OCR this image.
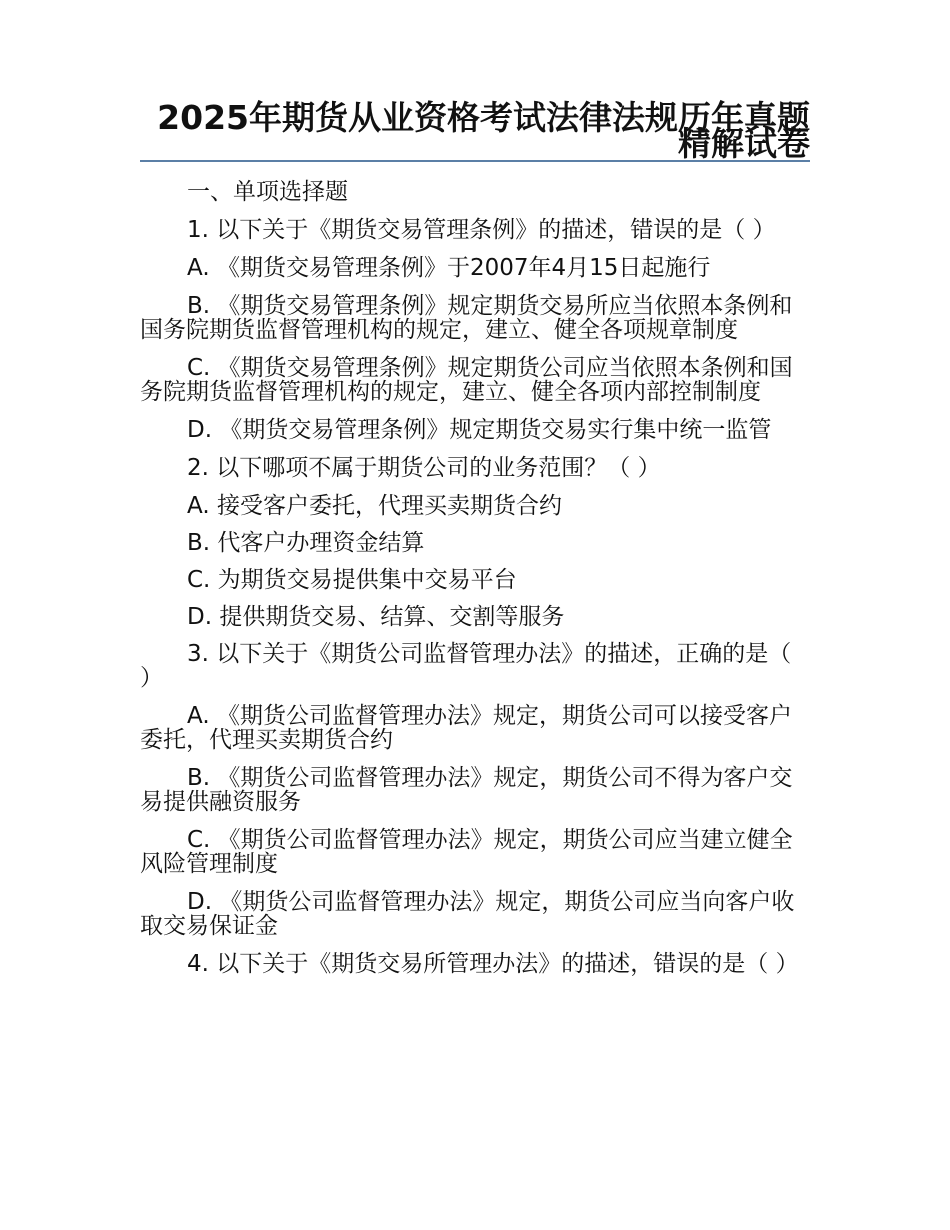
2025年期货从业资格考试法律法规历年真题精解试卷

一、单项选择题

1. 以下关于《期货交易管理条例》的描述，错误的是（ ）

A. 《期货交易管理条例》于2007年4月15日起施行

B. 《期货交易管理条例》规定期货交易所应当依照本条例和国务院期货监督管理机构的规定，建立、健全各项规章制度

C. 《期货交易管理条例》规定期货公司应当依照本条例和国务院期货监督管理机构的规定，建立、健全各项内部控制制度

D. 《期货交易管理条例》规定期货交易实行集中统一监管

2. 以下哪项不属于期货公司的业务范围？（ ）

A. 接受客户委托，代理买卖期货合约

B. 代客户办理资金结算

C. 为期货交易提供集中交易平台

D. 提供期货交易、结算、交割等服务

3. 以下关于《期货公司监督管理办法》的描述，正确的是（ ）

A. 《期货公司监督管理办法》规定，期货公司可以接受客户委托，代理买卖期货合约

B. 《期货公司监督管理办法》规定，期货公司不得为客户交易提供融资服务

C. 《期货公司监督管理办法》规定，期货公司应当建立健全风险管理制度

D. 《期货公司监督管理办法》规定，期货公司应当向客户收取交易保证金

4. 以下关于《期货交易所管理办法》的描述，错误的是（ ）
